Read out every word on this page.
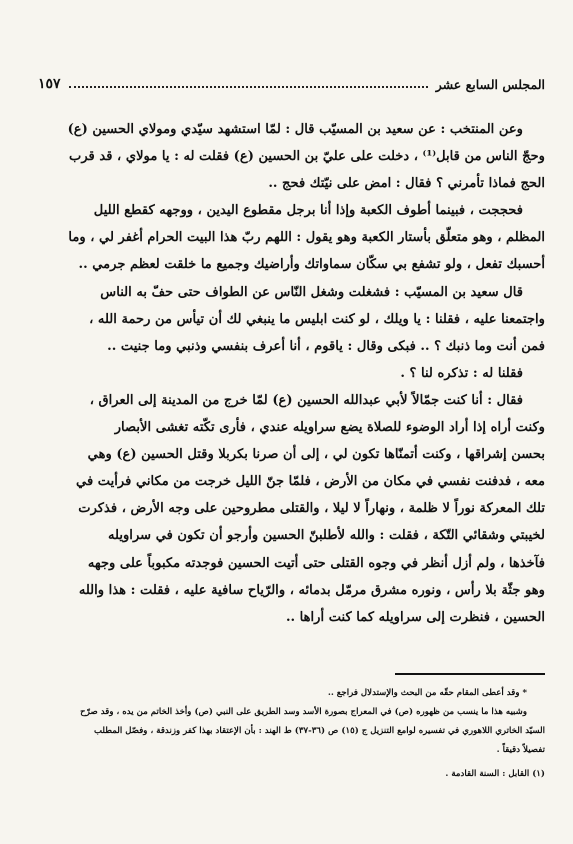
المجلس السابع عشر
١٥٧
وعن المنتخب : عن سعيد بن المسيّب قال : لمّا استشهد سيّدي ومولاي الحسين (ع)
وحجّ الناس من قابل⁽¹⁾ ، دخلت على عليّ بن الحسين (ع) فقلت له : يا مولاي ، قد قرب
الحج فماذا تأمرني ؟ فقال : امض على نيّتك فحج ..
فحججت ، فبينما أطوف الكعبة وإذا أنا برجل مقطوع اليدين ، ووجهه كقطع الليل
المظلم ، وهو متعلّق بأستار الكعبة وهو يقول : اللهم ربّ هذا البيت الحرام أغفر لي ، وما
أحسبك تفعل ، ولو تشفع بي سكّان سماواتك وأراضيك وجميع ما خلقت لعظم جرمي ..
قال سعيد بن المسيّب : فشغلت وشغل النّاس عن الطواف حتى حفّ به الناس
واجتمعنا عليه ، فقلنا : يا ويلك ، لو كنت ابليس ما ينبغي لك أن تيأس من رحمة الله ،
فمن أنت وما ذنبك ؟ .. فبكى وقال : ياقوم ، أنا أعرف بنفسي وذنبي وما جنيت ..
فقلنا له : تذكره لنا ؟ .
فقال : أنا كنت جمّالاً لأبي عبدالله الحسين (ع) لمّا خرج من المدينة إلى العراق ،
وكنت أراه إذا أراد الوضوء للصلاة يضع سراويله عندي ، فأرى تكّته تغشى الأبصار
بحسن إشراقها ، وكنت أتمنّاها تكون لي ، إلى أن صرنا بكربلا وقتل الحسين (ع) وهي
معه ، فدفنت نفسي في مكان من الأرض ، فلمّا جنّ الليل خرجت من مكاني فرأيت في
تلك المعركة نوراً لا ظلمة ، ونهاراً لا ليلا ، والقتلى مطروحين على وجه الأرض ، فذكرت
لخيبتي وشقائي التّكة ، فقلت : والله لأطلبنّ الحسين وأرجو أن تكون في سراويله
فآخذها ، ولم أزل أنظر في وجوه القتلى حتى أتيت الحسين فوجدته مكبوباً على وجهه
وهو جثّة بلا رأس ، ونوره مشرق مرمّل بدمائه ، والرّياح سافية عليه ، فقلت : هذا والله
الحسين ، فنظرت إلى سراويله كما كنت أراها ..
* وقد أعطى المقام حقّه من البحث والإستدلال فراجع ..
وشبيه هذا ما ينسب من ظهوره (ص) في المعراج بصورة الأسد وسد الطريق على النبي (ص) وأخذ الخاتم من يده ، وقد صرّح
السيّد الخاتري اللاهوري في تفسيره لوامع التنزيل ج (١٥) ص (٣٦-٣٧) ط الهند : بأن الإعتقاد بهذا كفر وزندقة ، وفصّل المطلب
تفصيلاً دقيقاً .
(١) القابل : السنة القادمة .
